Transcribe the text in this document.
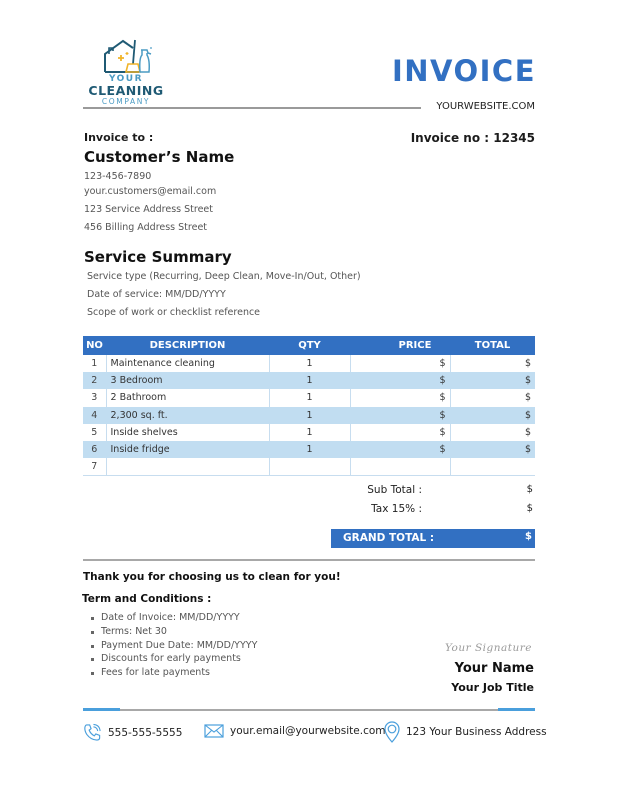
YOUR
CLEANING
COMPANY
INVOICE
YOURWEBSITE.COM
Invoice no : 12345
Invoice to :
Customer’s Name
123-456-7890
your.customers@email.com
123 Service Address Street
456 Billing Address Street
Service Summary
Service type (Recurring, Deep Clean, Move-In/Out, Other)
Date of service: MM/DD/YYYY
Scope of work or checklist reference
NO	DESCRIPTION	QTY	PRICE	TOTAL
1	Maintenance cleaning	1	$	$
2	3 Bedroom	1	$	$
3	2 Bathroom	1	$	$
4	2,300 sq. ft.	1	$	$
5	Inside shelves	1	$	$
6	Inside fridge	1	$	$
7				
Sub Total :	$
Tax 15% :	$
GRAND TOTAL :	$
Thank you for choosing us to clean for you!
Term and Conditions :
Date of Invoice: MM/DD/YYYY
Terms: Net 30
Payment Due Date: MM/DD/YYYY
Discounts for early payments
Fees for late payments
Your Signature
Your Name
Your Job Title
555-555-5555	your.email@yourwebsite.com 123 Your Business Address
